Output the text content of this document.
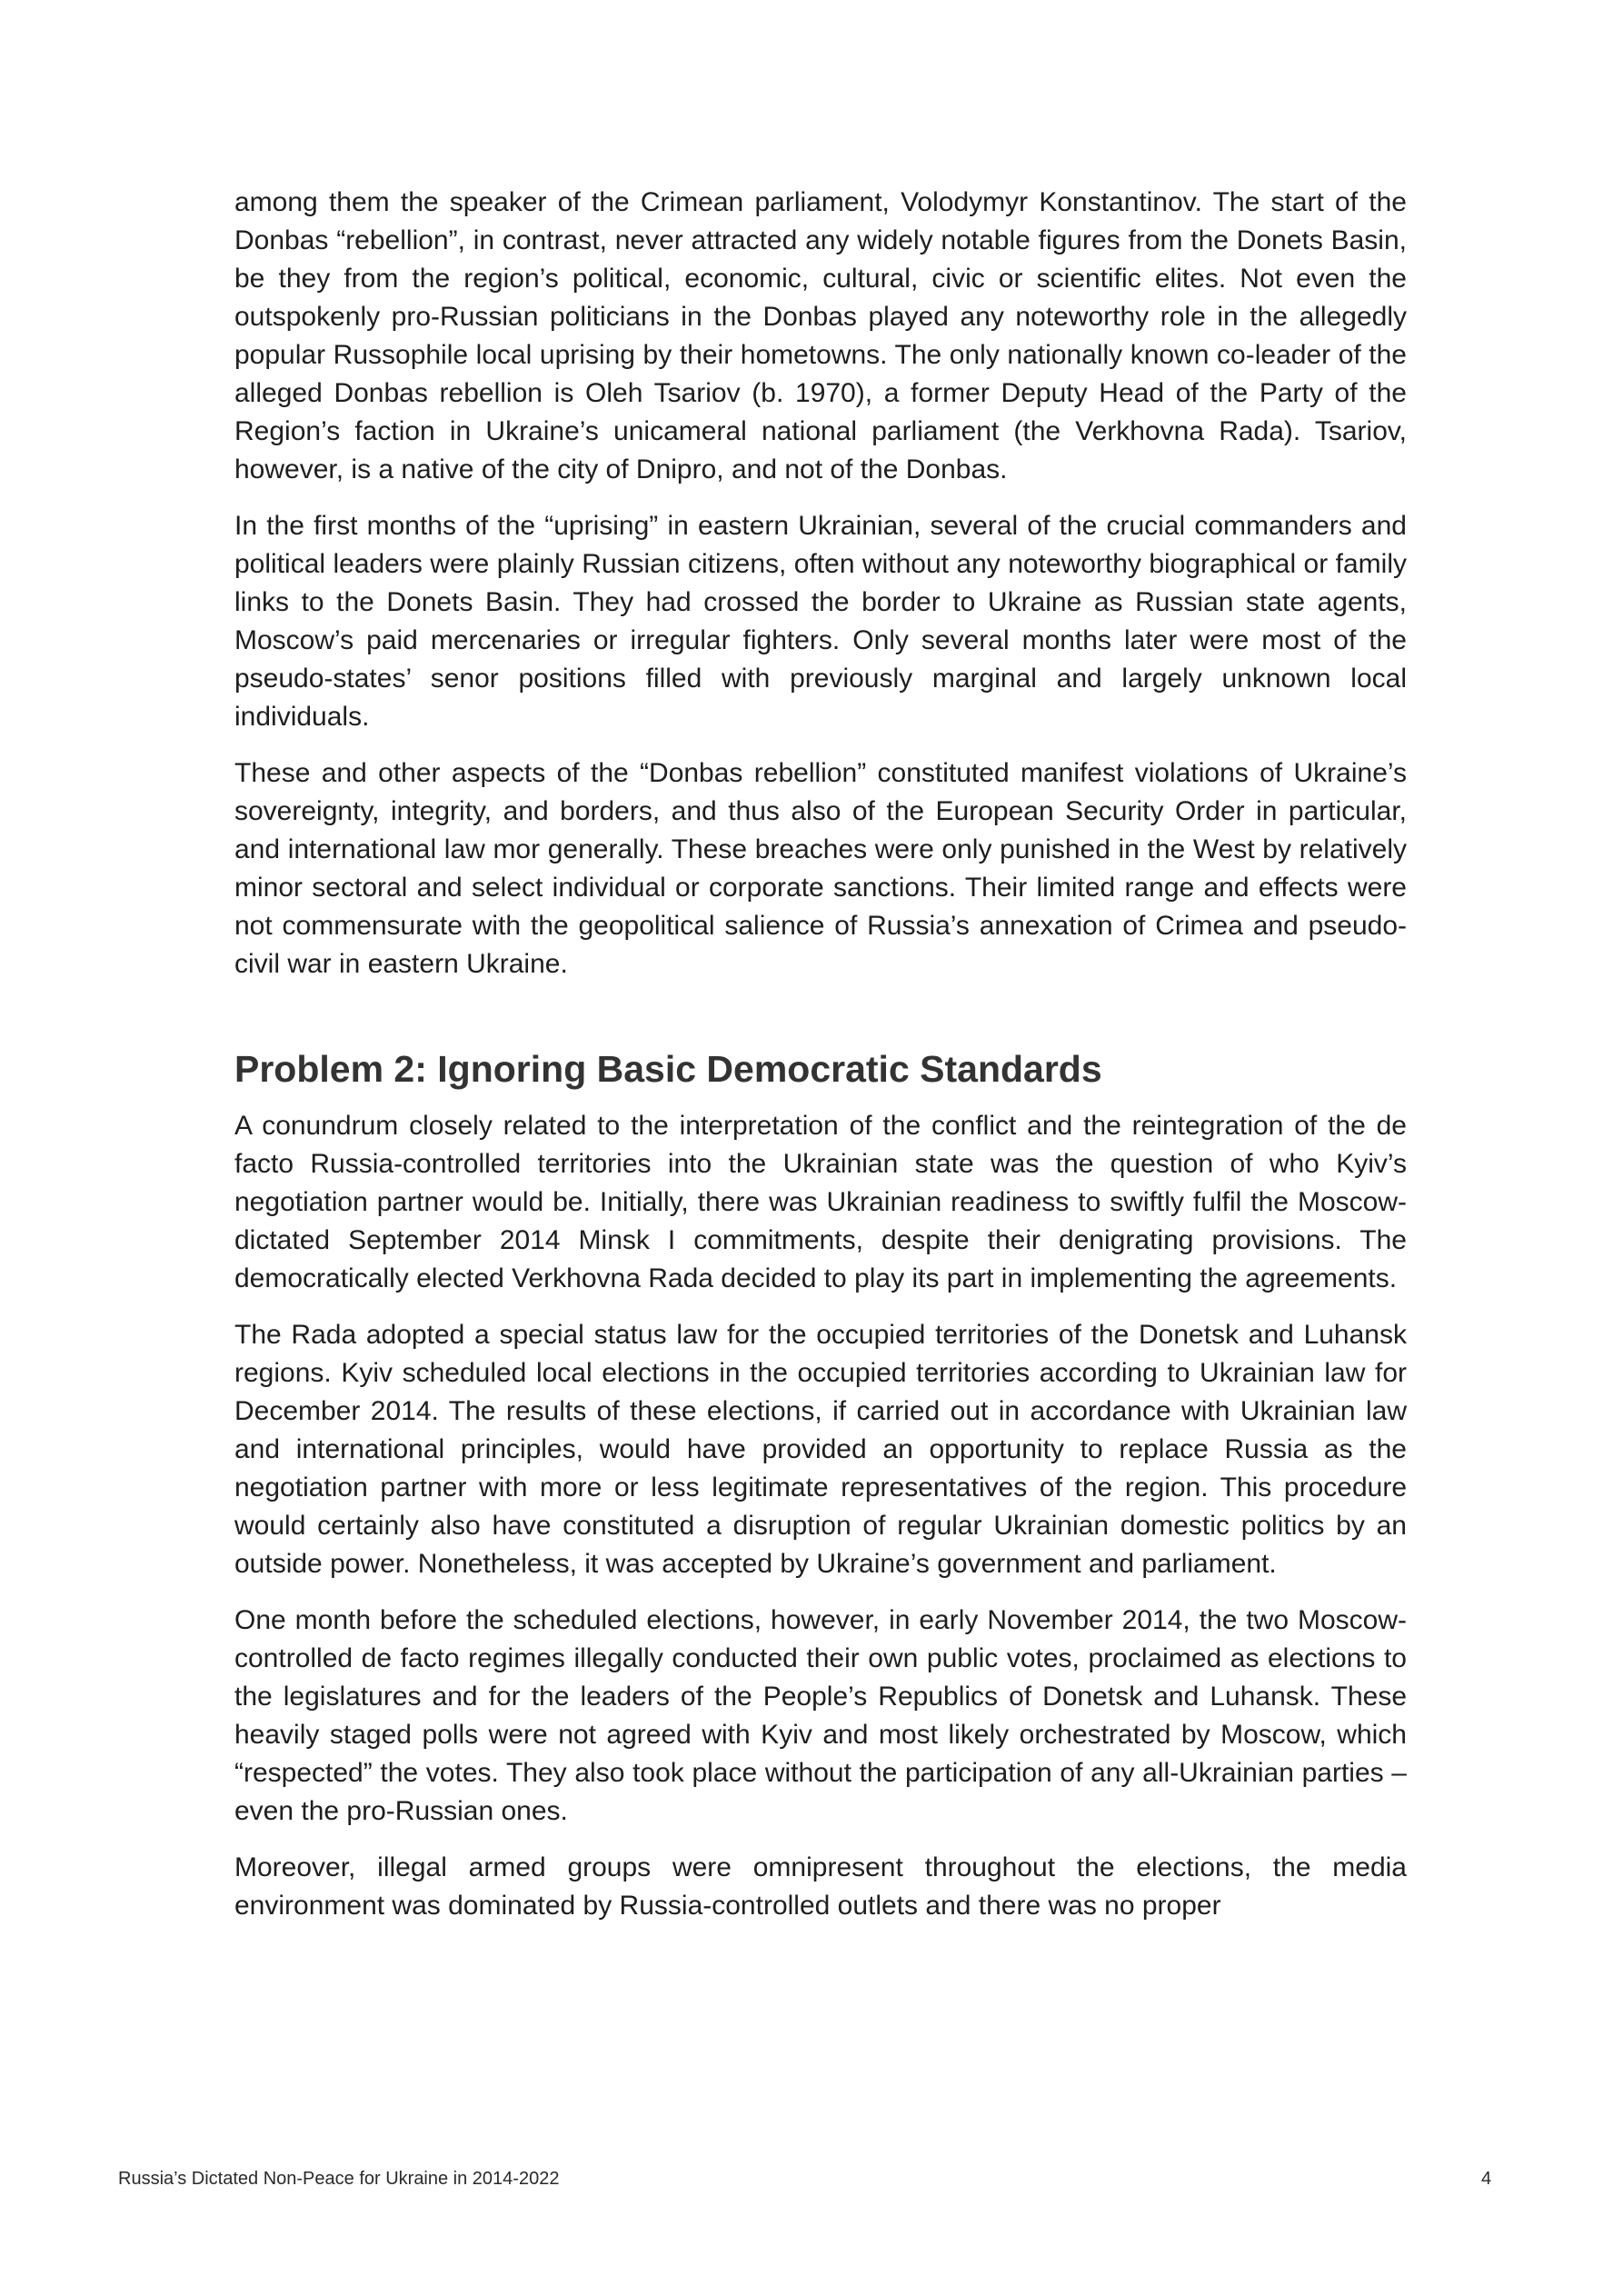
among them the speaker of the Crimean parliament, Volodymyr Konstantinov. The start of the Donbas “rebellion”, in contrast, never attracted any widely notable figures from the Donets Basin, be they from the region’s political, economic, cultural, civic or scientific elites. Not even the outspokenly pro-Russian politicians in the Donbas played any noteworthy role in the allegedly popular Russophile local uprising by their hometowns. The only nationally known co-leader of the alleged Donbas rebellion is Oleh Tsariov (b. 1970), a former Deputy Head of the Party of the Region’s faction in Ukraine’s unicameral national parliament (the Verkhovna Rada). Tsariov, however, is a native of the city of Dnipro, and not of the Donbas.

In the first months of the “uprising” in eastern Ukrainian, several of the crucial commanders and political leaders were plainly Russian citizens, often without any noteworthy biographical or family links to the Donets Basin. They had crossed the border to Ukraine as Russian state agents, Moscow’s paid mercenaries or irregular fighters. Only several months later were most of the pseudo-states’ senor positions filled with previously marginal and largely unknown local individuals.

These and other aspects of the “Donbas rebellion” constituted manifest violations of Ukraine’s sovereignty, integrity, and borders, and thus also of the European Security Order in particular, and international law mor generally. These breaches were only punished in the West by relatively minor sectoral and select individual or corporate sanctions. Their limited range and effects were not commensurate with the geopolitical salience of Russia’s annexation of Crimea and pseudo-civil war in eastern Ukraine.

Problem 2: Ignoring Basic Democratic Standards

A conundrum closely related to the interpretation of the conflict and the reintegration of the de facto Russia-controlled territories into the Ukrainian state was the question of who Kyiv’s negotiation partner would be. Initially, there was Ukrainian readiness to swiftly fulfil the Moscow-dictated September 2014 Minsk I commitments, despite their denigrating provisions. The democratically elected Verkhovna Rada decided to play its part in implementing the agreements.

The Rada adopted a special status law for the occupied territories of the Donetsk and Luhansk regions. Kyiv scheduled local elections in the occupied territories according to Ukrainian law for December 2014. The results of these elections, if carried out in accordance with Ukrainian law and international principles, would have provided an opportunity to replace Russia as the negotiation partner with more or less legitimate representatives of the region. This procedure would certainly also have constituted a disruption of regular Ukrainian domestic politics by an outside power. Nonetheless, it was accepted by Ukraine’s government and parliament.

One month before the scheduled elections, however, in early November 2014, the two Moscow-controlled de facto regimes illegally conducted their own public votes, proclaimed as elections to the legislatures and for the leaders of the People’s Republics of Donetsk and Luhansk. These heavily staged polls were not agreed with Kyiv and most likely orchestrated by Moscow, which “respected” the votes. They also took place without the participation of any all-Ukrainian parties – even the pro-Russian ones.

Moreover, illegal armed groups were omnipresent throughout the elections, the media environment was dominated by Russia-controlled outlets and there was no proper

Russia’s Dictated Non-Peace for Ukraine in 2014-2022	4
